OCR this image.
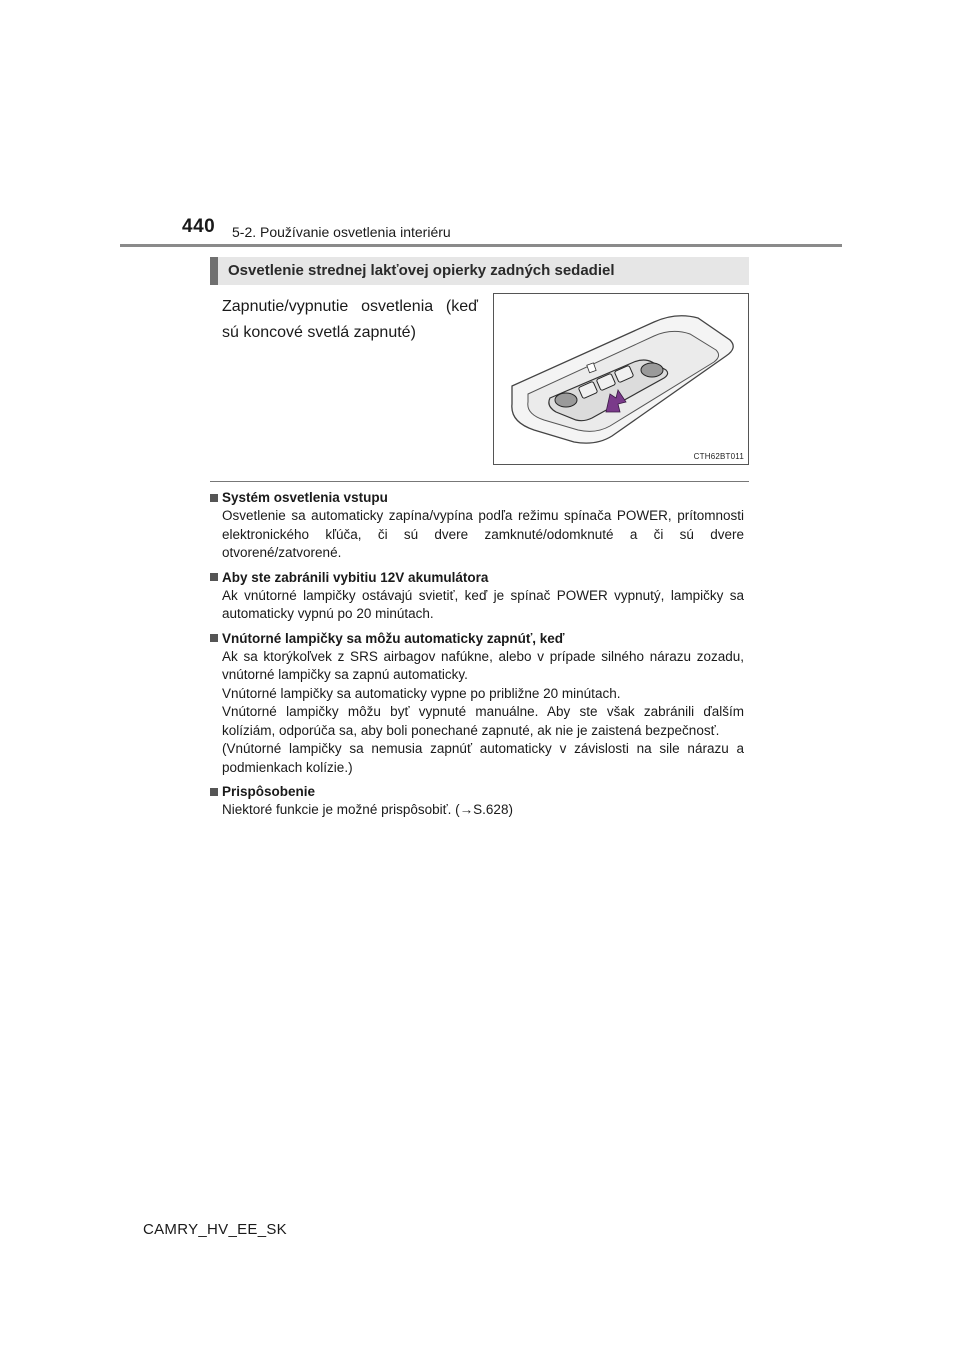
440 5-2. Používanie osvetlenia interiéru
Osvetlenie strednej lakťovej opierky zadných sedadiel
Zapnutie/vypnutie osvetlenia (keď sú koncové svetlá zapnuté)
CTH62BT011
Systém osvetlenia vstupu

Osvetlenie sa automaticky zapína/vypína podľa režimu spínača POWER, prítomnosti elektronického kľúča, či sú dvere zamknuté/odomknuté a či sú dvere otvorené/zatvorené.

Aby ste zabránili vybitiu 12V akumulátora

Ak vnútorné lampičky ostávajú svietiť, keď je spínač POWER vypnutý, lampičky sa automaticky vypnú po 20 minútach.

Vnútorné lampičky sa môžu automaticky zapnúť, keď

Ak sa ktorýkoľvek z SRS airbagov nafúkne, alebo v prípade silného nárazu zozadu, vnútorné lampičky sa zapnú automaticky.

Vnútorné lampičky sa automaticky vypne po približne 20 minútach.

Vnútorné lampičky môžu byť vypnuté manuálne. Aby ste však zabránili ďalším kolíziám, odporúča sa, aby boli ponechané zapnuté, ak nie je zaistená bezpečnosť.

(Vnútorné lampičky sa nemusia zapnúť automaticky v závislosti na sile nárazu a podmienkach kolízie.)

Prispôsobenie

Niektoré funkcie je možné prispôsobiť. (→S.628)

CAMRY_HV_EE_SK
